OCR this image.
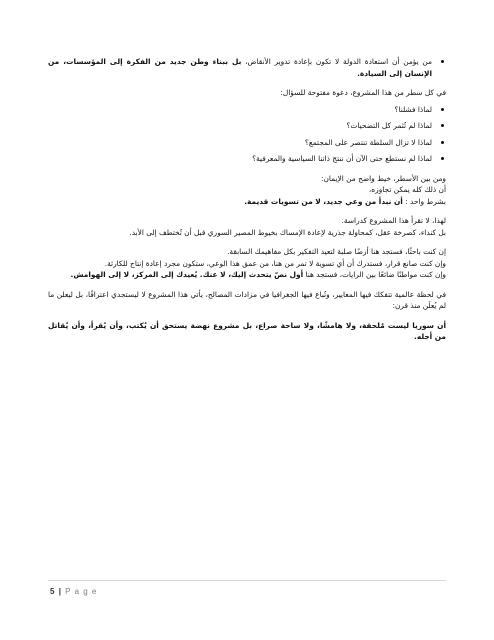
من يؤمن أن استعادة الدولة لا تكون بإعادة تدوير الأنقاض، بل ببناء وطن جديد من الفكرة إلى المؤسسات، من الإنسان إلى السيادة.
في كل سطر من هذا المشروع، دعوة مفتوحة للسؤال:
لماذا فشلنا؟
لماذا لم تُثمر كل التضحيات؟
لماذا لا تزال السلطة تنتصر على المجتمع؟
لماذا لم نستطع حتى الآن أن ننتج ذاتنا السياسية والمعرفية؟
ومن بين الأسطر، خيط واضح من الإيمان:
أن ذلك كله يمكن تجاوزه،
بشرط واحد : أن نبدأ من وعي جديد، لا من تسويات قديمة.
لهذا، لا تقرأ هذا المشروع كدراسة.
بل كنداء، كصرخة عقل، كمحاولة جذرية لإعادة الإمساك بخيوط المصير السوري قبل أن تُختطف إلى الأبد.
إن كنت باحثًا، فستجد هنا أرضًا صلبة لتعيد التفكير بكل مفاهيمك السابقة.
وإن كنت صانع قرار، فستدرك أن أي تسوية لا تمر من هنا، من عمق هذا الوعي، ستكون مجرد إعادة إنتاج للكارثة.
وإن كنت مواطنًا ضائعًا بين الرايات، فستجد هنا أول نصّ يتحدث إليك، لا عنك. يُعيدك إلى المركز، لا إلى الهوامش.
في لحظة عالمية تتفكك فيها المعايير، وتُباع فيها الجغرافيا في مزادات المصالح، يأتي هذا المشروع لا ليستجدي اعترافًا، بل ليعلن ما لم يُعلَن منذ قرن:
أن سوريا ليست مُلحقة، ولا هامشًا، ولا ساحة صراع، بل مشروع نهضة يستحق أن يُكتب، وأن يُقرأ، وأن يُقاتل من أجله.
5 | P a g e
